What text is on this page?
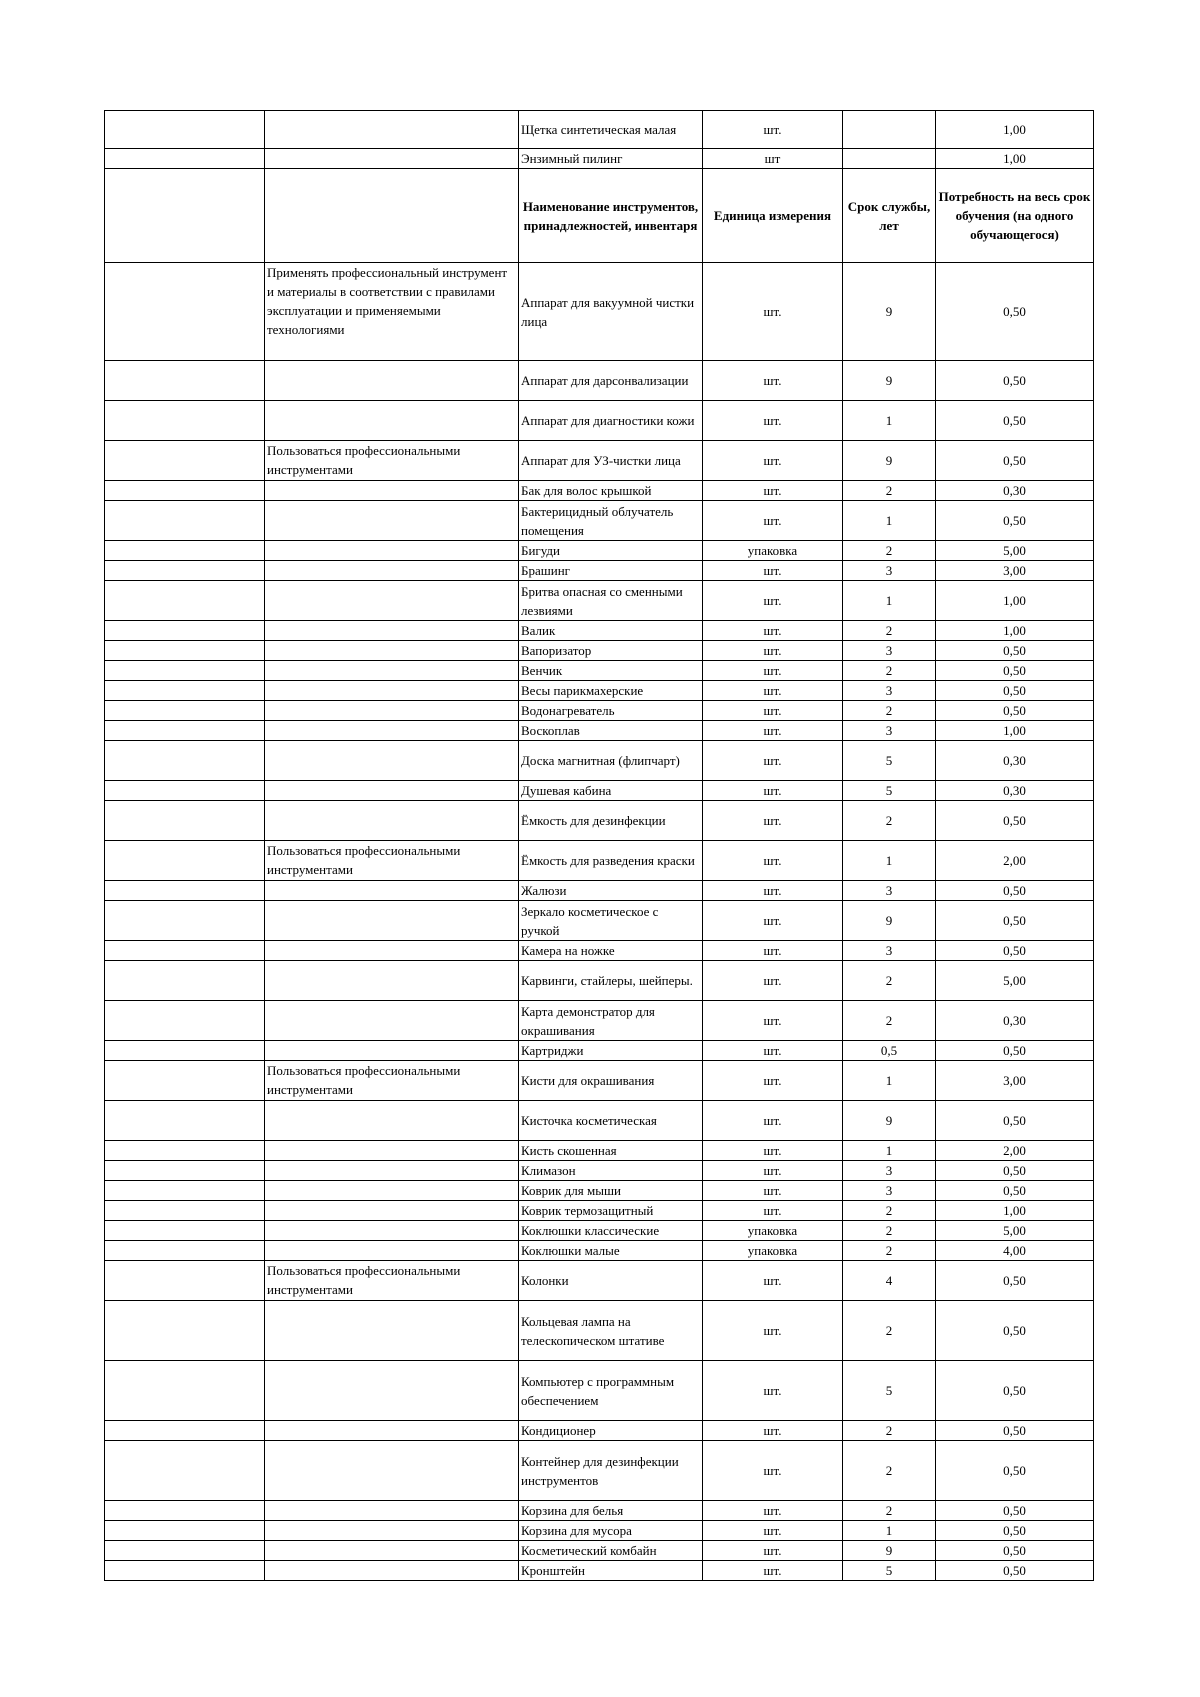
		Щетка синтетическая малая	шт.		1,00
		Энзимный пилинг	шт		1,00
		Наименование инструментов, принадлежностей, инвентаря	Единица измерения	Срок службы, лет	Потребность на весь срок обучения (на одного обучающегося)
	Применять профессиональный инструмент и материалы в соответствии с правилами эксплуатации и применяемыми технологиями	Аппарат для вакуумной чистки лица	шт.	9	0,50
		Аппарат для дарсонвализации	шт.	9	0,50
		Аппарат для диагностики кожи	шт.	1	0,50
	Пользоваться профессиональными инструментами	Аппарат для УЗ-чистки лица	шт.	9	0,50
		Бак для волос крышкой	шт.	2	0,30
		Бактерицидный облучатель помещения	шт.	1	0,50
		Бигуди	упаковка	2	5,00
		Брашинг	шт.	3	3,00
		Бритва опасная со сменными лезвиями	шт.	1	1,00
		Валик	шт.	2	1,00
		Вапоризатор	шт.	3	0,50
		Венчик	шт.	2	0,50
		Весы парикмахерские	шт.	3	0,50
		Водонагреватель	шт.	2	0,50
		Воскоплав	шт.	3	1,00
		Доска магнитная (флипчарт)	шт.	5	0,30
		Душевая кабина	шт.	5	0,30
		Ёмкость для дезинфекции	шт.	2	0,50
	Пользоваться профессиональными инструментами	Ёмкость для разведения краски	шт.	1	2,00
		Жалюзи	шт.	3	0,50
		Зеркало косметическое с ручкой	шт.	9	0,50
		Камера на ножке	шт.	3	0,50
		Карвинги, стайлеры, шейперы.	шт.	2	5,00
		Карта демонстратор для окрашивания	шт.	2	0,30
		Картриджи	шт.	0,5	0,50
	Пользоваться профессиональными инструментами	Кисти для окрашивания	шт.	1	3,00
		Кисточка косметическая	шт.	9	0,50
		Кисть скошенная	шт.	1	2,00
		Климазон	шт.	3	0,50
		Коврик для мыши	шт.	3	0,50
		Коврик термозащитный	шт.	2	1,00
		Коклюшки классические	упаковка	2	5,00
		Коклюшки малые	упаковка	2	4,00
	Пользоваться профессиональными инструментами	Колонки	шт.	4	0,50
		Кольцевая лампа на телескопическом штативе	шт.	2	0,50
		Компьютер с программным обеспечением	шт.	5	0,50
		Кондиционер	шт.	2	0,50
		Контейнер для дезинфекции инструментов	шт.	2	0,50
		Корзина для белья	шт.	2	0,50
		Корзина для мусора	шт.	1	0,50
		Косметический комбайн	шт.	9	0,50
		Кронштейн	шт.	5	0,50
